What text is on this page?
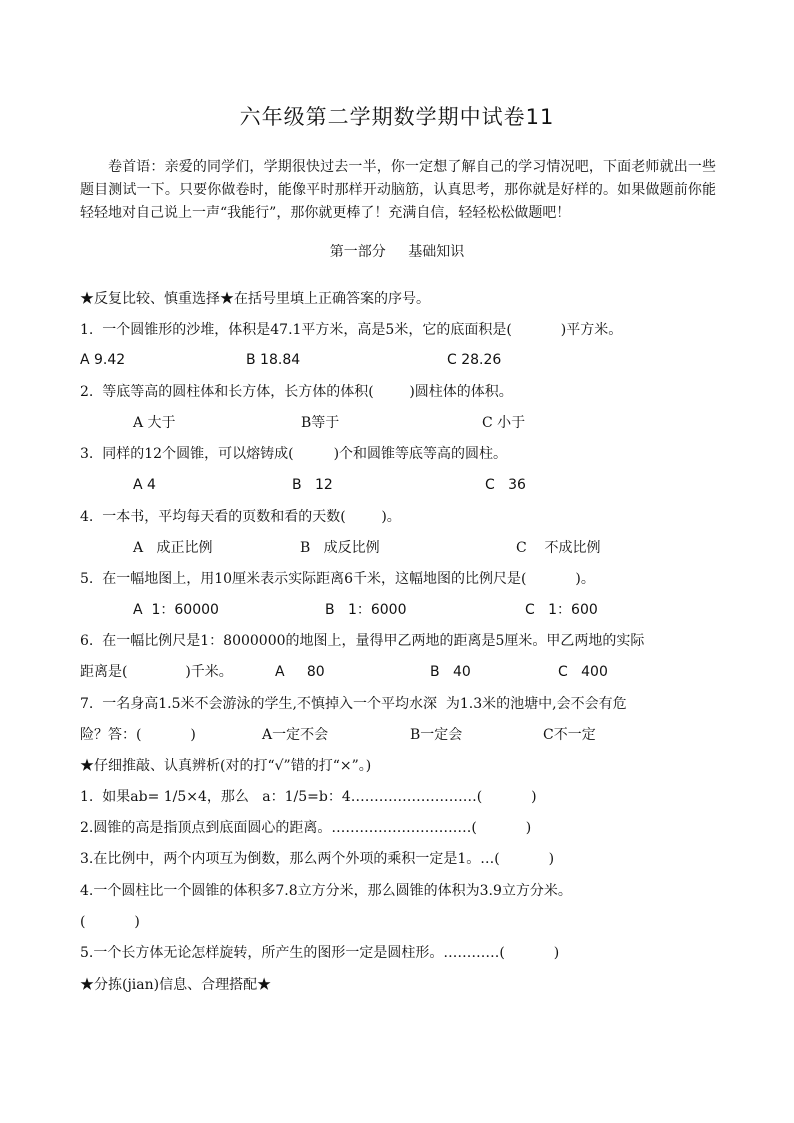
六年级第二学期数学期中试卷11

卷首语：亲爱的同学们，学期很快过去一半，你一定想了解自己的学习情况吧，下面老师就出一些题目测试一下。只要你做卷时，能像平时那样开动脑筋，认真思考，那你就是好样的。如果做题前你能轻轻地对自己说上一声“我能行”，那你就更棒了！充满自信，轻轻松松做题吧！

第一部分 基础知识
★反复比较、慎重选择★在括号里填上正确答案的序号。
1.  一个圆锥形的沙堆，体积是47.1平方米，高是5米，它的底面积是(           )平方米。
A 9.42	B 18.84	C 28.26
2.  等底等高的圆柱体和长方体，长方体的体积(        )圆柱体的体积。
A 大于	B等于	C 小于
3.  同样的12个圆锥，可以熔铸成(         )个和圆锥等底等高的圆柱。
A 4	B   12	C   36
4.  一本书，平均每天看的页数和看的天数(        )。
A   成正比例	B   成反比例	C    不成比例
5.  在一幅地图上，用10厘米表示实际距离6千米，这幅地图的比例尺是(           )。
A  1：60000	B   1：6000	C   1：600
6.  在一幅比例尺是1：8000000的地图上，量得甲乙两地的距离是5厘米。甲乙两地的实际
距离是(             )千米。	A     80	B   40	C   400
7.  一名身高1.5米不会游泳的学生,不慎掉入一个平均水深  为1.3米的池塘中,会不会有危
险？答：(           )	A一定不会	B一定会	C不一定
★仔细推敲、认真辨析(对的打“√”错的打“×”。)
1.  如果ab= 1/5×4，那么   a：1/5=b：4………………………(           )
2.圆锥的高是指顶点到底面圆心的距离。…………………………(           )
3.在比例中，两个内项互为倒数，那么两个外项的乘积一定是1。…(           )
4.一个圆柱比一个圆锥的体积多7.8立方分米，那么圆锥的体积为3.9立方分米。
(           )
5.一个长方体无论怎样旋转，所产生的图形一定是圆柱形。…………(           )
★分拣(jian)信息、合理搭配★
